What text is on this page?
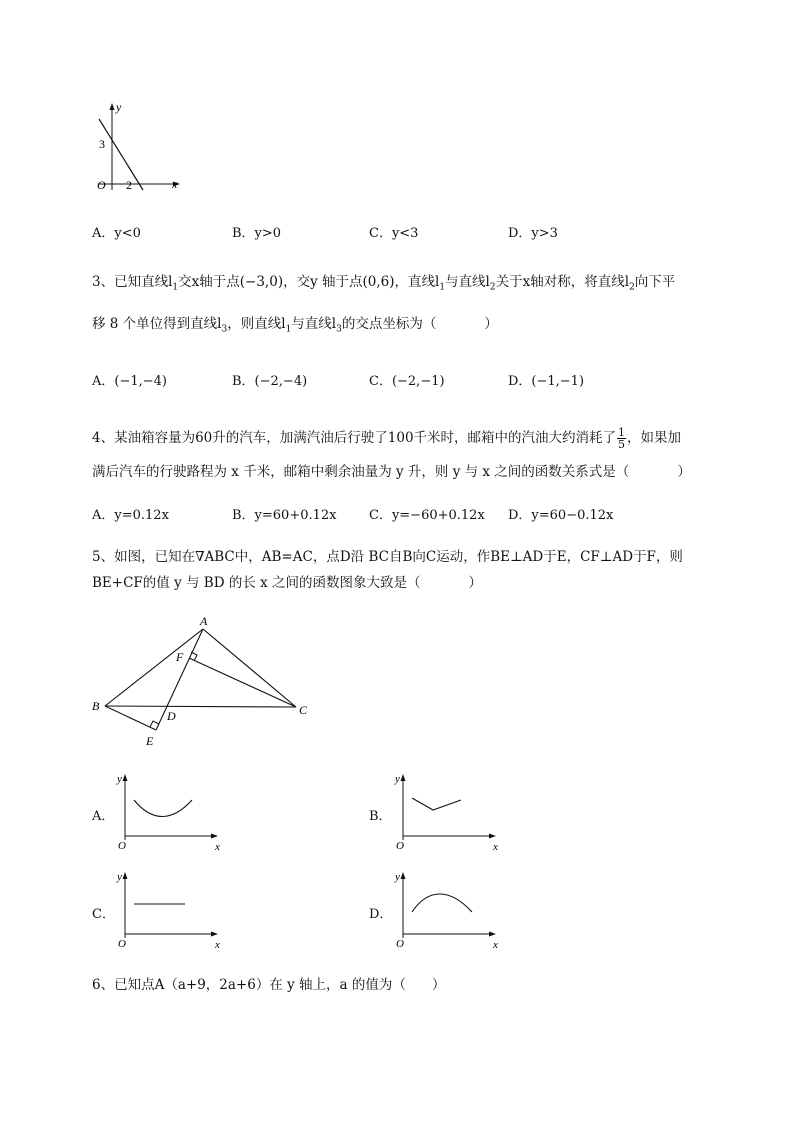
y
x
O
3
2
A．y<0	B．y>0	C．y<3	D．y>3
3、已知直线$l_1$交x轴于点(−3,0)，交y 轴于点(0,6)，直线$l_1$与直线$l_2$关于x轴对称，将直线$l_2$向下平
移 8 个单位得到直线$l_3$，则直线$l_1$与直线$l_3$的交点坐标为（	）
A．(−1,−4)	B．(−2,−4)	C．(−2,−1)	D．(−1,−1)
4、某油箱容量为60升的汽车，加满汽油后行驶了100千米时，邮箱中的汽油大约消耗了 $\frac{1}{5}$ ，如果加
满后汽车的行驶路程为 x 千米，邮箱中剩余油量为 y 升，则 y 与 x 之间的函数关系式是（	）
A．y=0.12x	B．y=60+0.12x C．y=−60+0.12x D．y=60−0.12x
5、如图，已知在∇ABC中，AB=AC，点D沿 BC自B向C运动，作BE⊥AD于E，CF⊥AD于F，则
BE+CF的值 y 与 BD 的长 x 之间的函数图象大致是（	）
A
B	C
D
E
F
A．
y
x
O
B．
y
x
O
C．
y
x
O
D．
y
x
O
6、已知点A（a+9，2a+6）在 y 轴上，a 的值为（ ）
